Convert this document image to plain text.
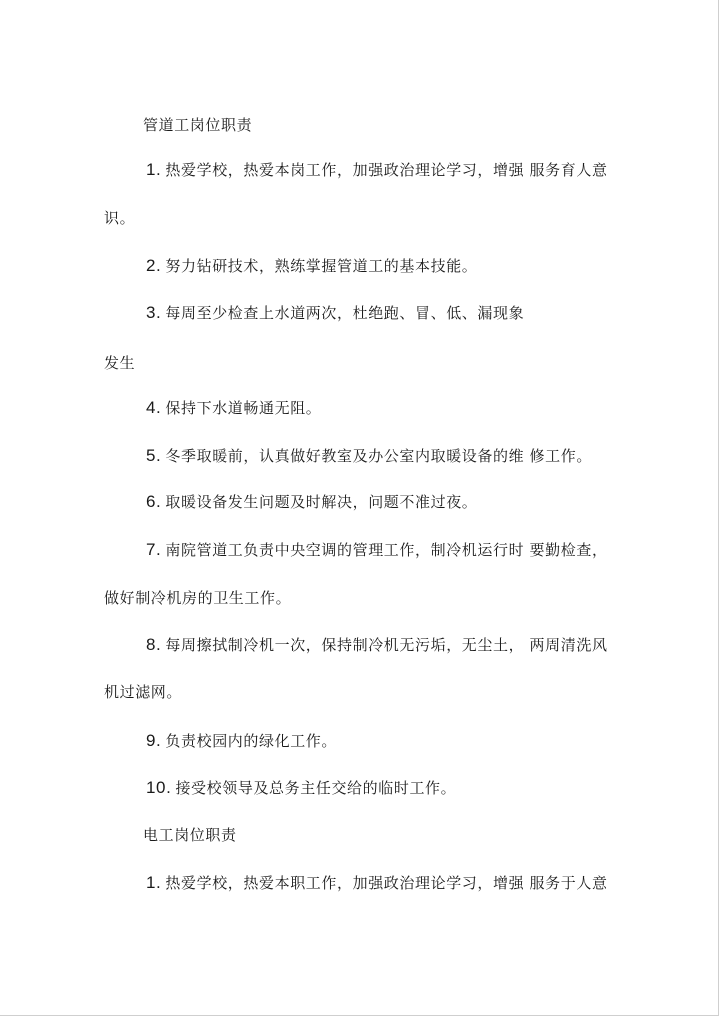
管道工岗位职责
1. 热爱学校，热爱本岗工作，加强政治理论学习，增强 服务育人意
识。
2. 努力钻研技术，熟练掌握管道工的基本技能。
3. 每周至少检查上水道两次，杜绝跑、冒、低、漏现象
发生
4. 保持下水道畅通无阻。
5. 冬季取暖前，认真做好教室及办公室内取暖设备的维 修工作。
6. 取暖设备发生问题及时解决，问题不准过夜。
7. 南院管道工负责中央空调的管理工作，制冷机运行时 要勤检查，
做好制冷机房的卫生工作。
8. 每周擦拭制冷机一次，保持制冷机无污垢，无尘土， 两周清洗风
机过滤网。
9. 负责校园内的绿化工作。
10. 接受校领导及总务主任交给的临时工作。
电工岗位职责
1. 热爱学校，热爱本职工作，加强政治理论学习，增强 服务于人意
